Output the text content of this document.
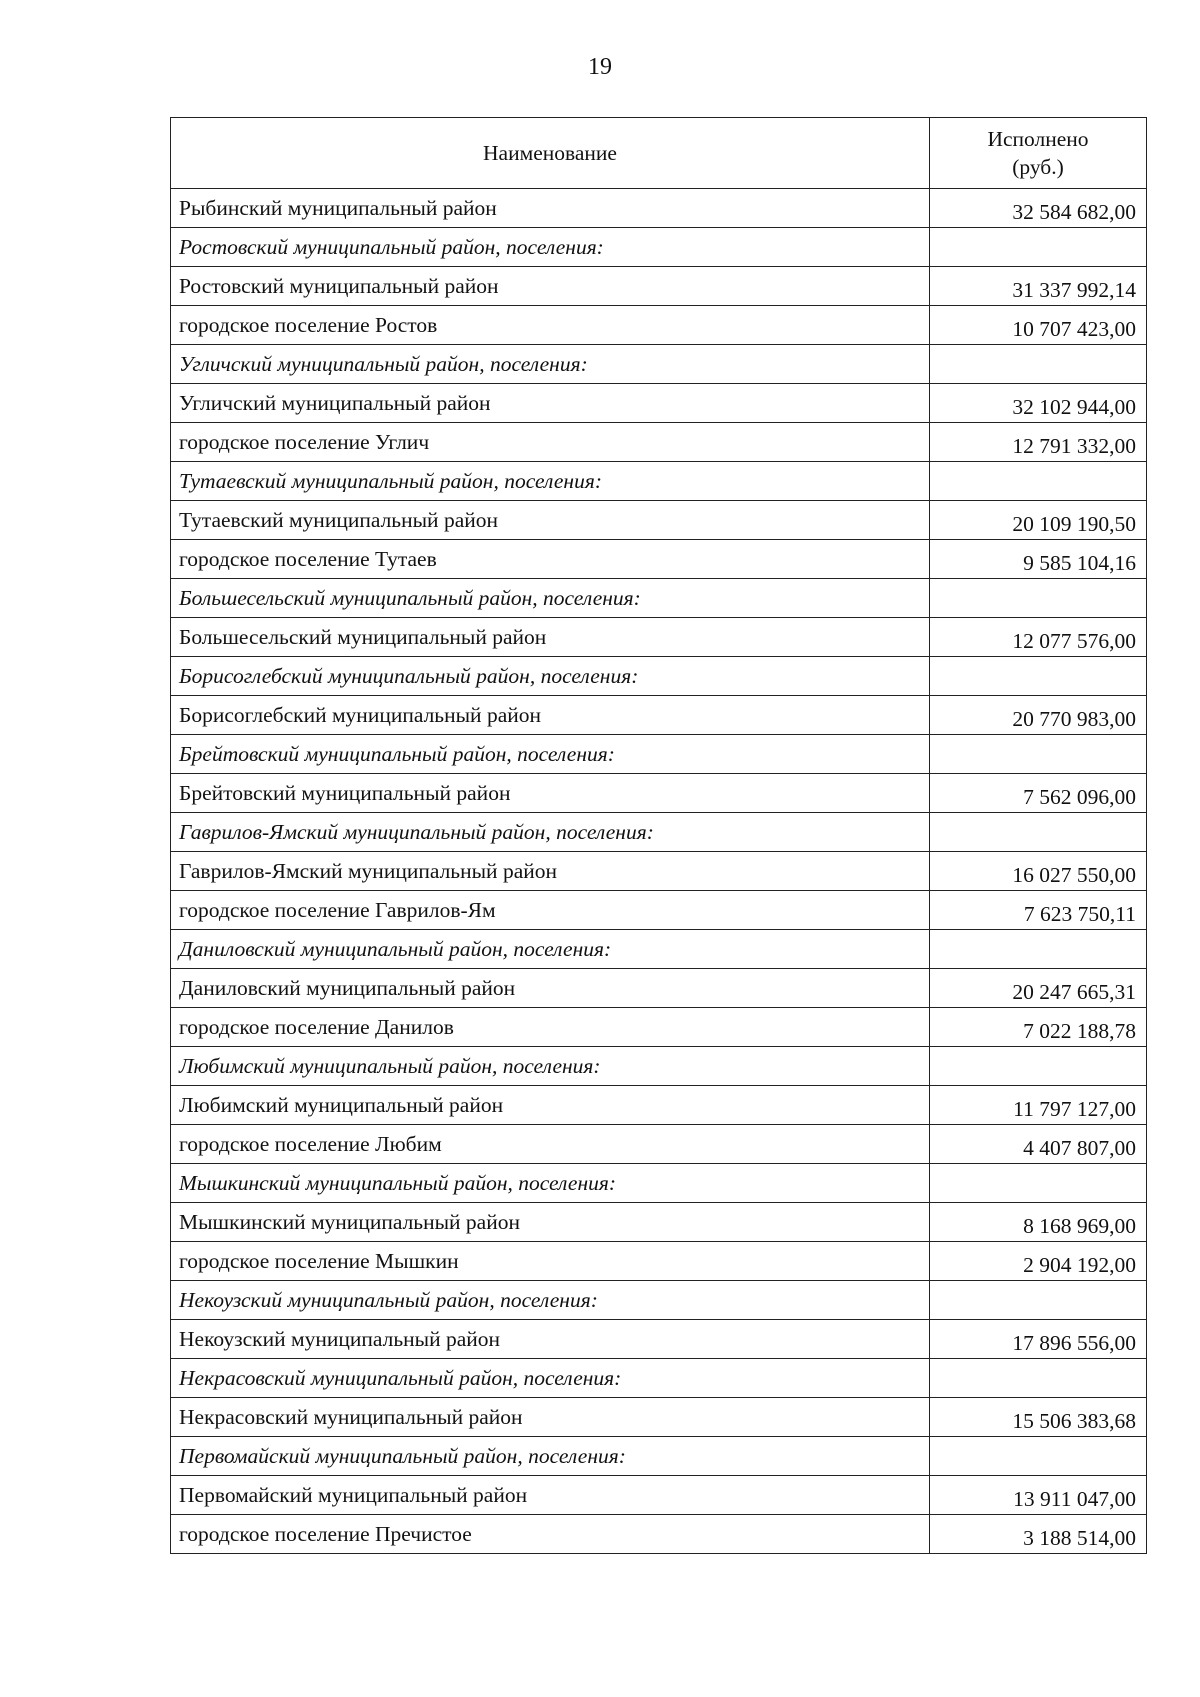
19
Наименование	Исполнено
(руб.)

Рыбинский муниципальный район	32 584 682,00
Ростовский муниципальный район, поселения:	
Ростовский муниципальный район	31 337 992,14
городское поселение Ростов	10 707 423,00
Угличский муниципальный район, поселения:	
Угличский муниципальный район	32 102 944,00
городское поселение Углич	12 791 332,00
Тутаевский муниципальный район, поселения:	
Тутаевский муниципальный район	20 109 190,50
городское поселение Тутаев	9 585 104,16
Большесельский муниципальный район, поселения:	
Большесельский муниципальный район	12 077 576,00
Борисоглебский муниципальный район, поселения:	
Борисоглебский муниципальный район	20 770 983,00
Брейтовский муниципальный район, поселения:	
Брейтовский муниципальный район	7 562 096,00
Гаврилов-Ямский муниципальный район, поселения:	
Гаврилов-Ямский муниципальный район	16 027 550,00
городское поселение Гаврилов-Ям	7 623 750,11
Даниловский муниципальный район, поселения:	
Даниловский муниципальный район	20 247 665,31
городское поселение Данилов	7 022 188,78
Любимский муниципальный район, поселения:	
Любимский муниципальный район	11 797 127,00
городское поселение Любим	4 407 807,00
Мышкинский муниципальный район, поселения:	
Мышкинский муниципальный район	8 168 969,00
городское поселение Мышкин	2 904 192,00
Некоузский муниципальный район, поселения:	
Некоузский муниципальный район	17 896 556,00
Некрасовский муниципальный район, поселения:	
Некрасовский муниципальный район	15 506 383,68
Первомайский муниципальный район, поселения:	
Первомайский муниципальный район	13 911 047,00
городское поселение Пречистое	3 188 514,00
